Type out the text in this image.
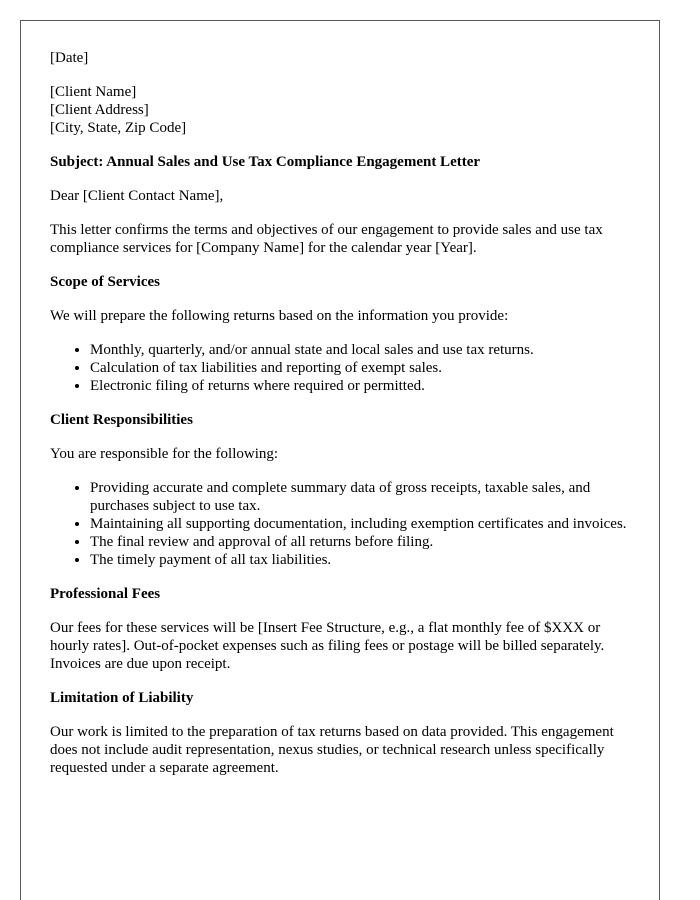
[Date]

[Client Name]
[Client Address]
[City, State, Zip Code]

Subject: Annual Sales and Use Tax Compliance Engagement Letter

Dear [Client Contact Name],

This letter confirms the terms and objectives of our engagement to provide sales and use tax compliance services for [Company Name] for the calendar year [Year].

Scope of Services

We will prepare the following returns based on the information you provide:

• Monthly, quarterly, and/or annual state and local sales and use tax returns.
• Calculation of tax liabilities and reporting of exempt sales.
• Electronic filing of returns where required or permitted.
Client Responsibilities

You are responsible for the following:

• Providing accurate and complete summary data of gross receipts, taxable sales, and purchases subject to use tax.
• Maintaining all supporting documentation, including exemption certificates and invoices.
• The final review and approval of all returns before filing.
• The timely payment of all tax liabilities.
Professional Fees

Our fees for these services will be [Insert Fee Structure, e.g., a flat monthly fee of $XXX or hourly rates]. Out-of-pocket expenses such as filing fees or postage will be billed separately. Invoices are due upon receipt.

Limitation of Liability

Our work is limited to the preparation of tax returns based on data provided. This engagement does not include audit representation, nexus studies, or technical research unless specifically requested under a separate agreement.
